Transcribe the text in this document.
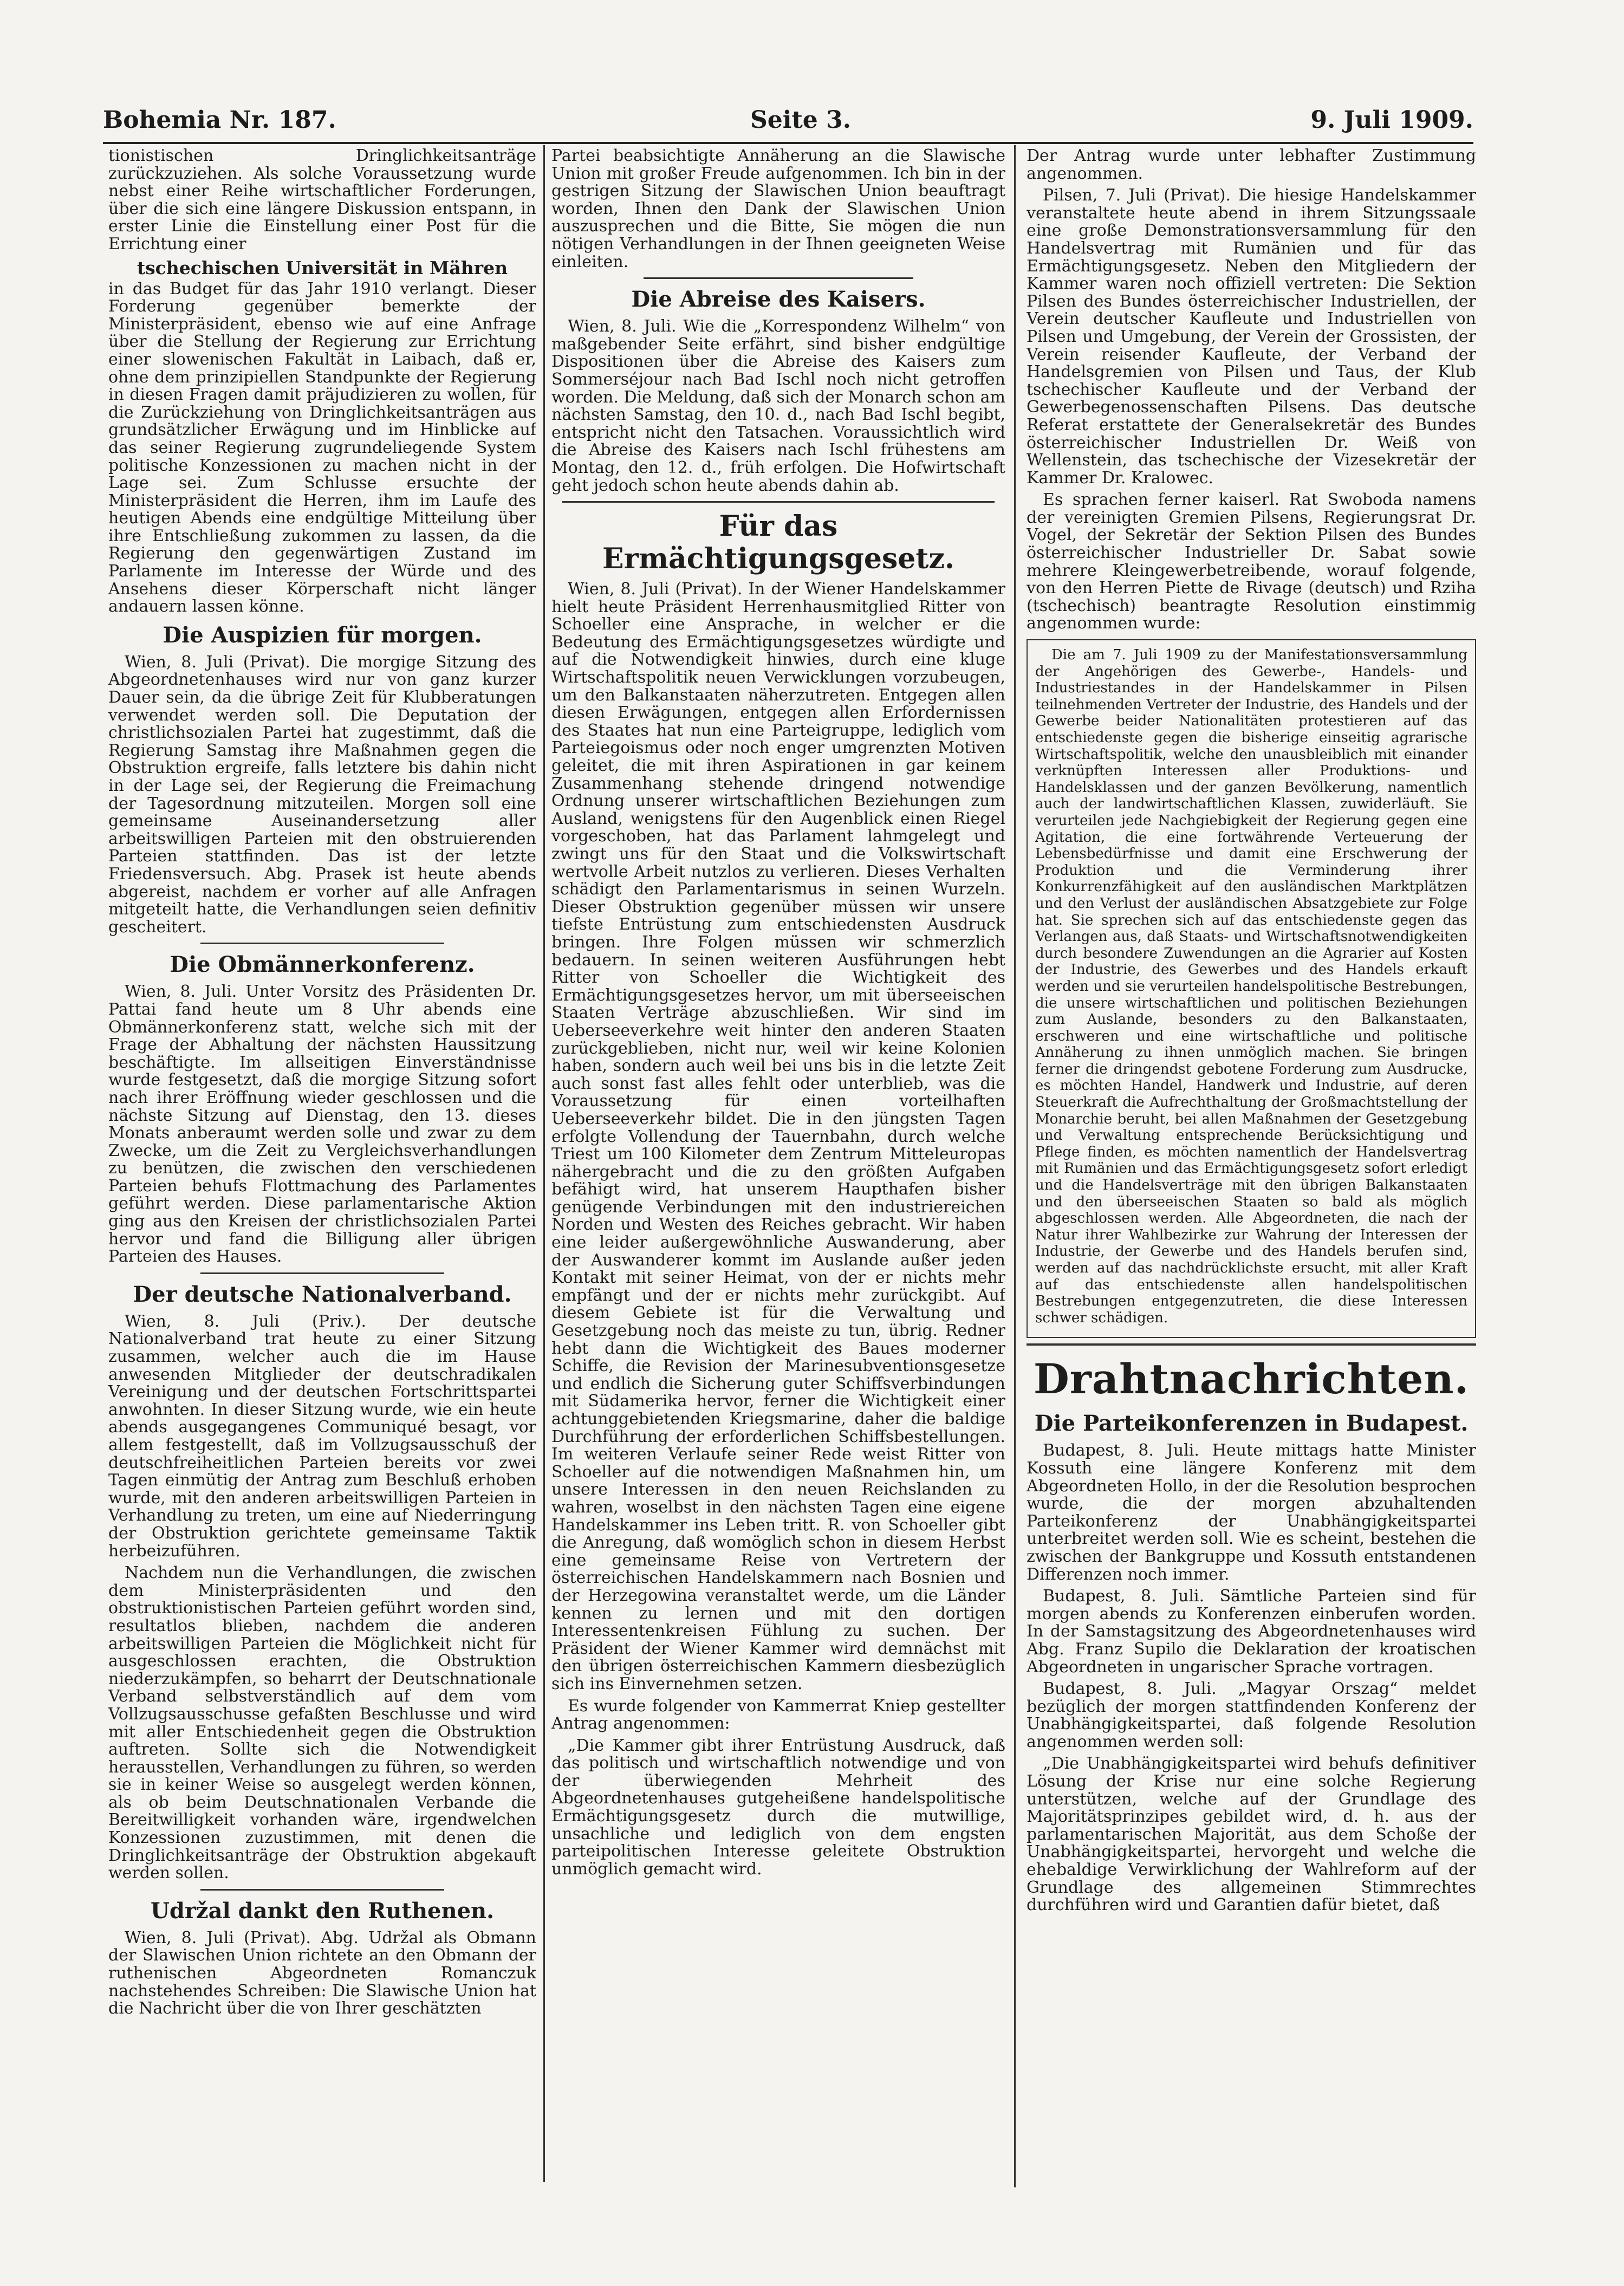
Bohemia Nr. 187.	Seite 3.	9. Juli 1909.

tionistischen Dringlichkeitsanträge zurückzuziehen. Als solche Voraussetzung wurde nebst einer Reihe wirtschaftlicher Forderungen, über die sich eine längere Diskussion entspann, in erster Linie die Einstellung einer Post für die Errichtung einer

tschechischen Universität in Mähren

in das Budget für das Jahr 1910 verlangt. Dieser Forderung gegenüber bemerkte der Ministerpräsident, ebenso wie auf eine Anfrage über die Stellung der Regierung zur Errichtung einer slowenischen Fakultät in Laibach, daß er, ohne dem prinzipiellen Standpunkte der Regierung in diesen Fragen damit präjudizieren zu wollen, für die Zurückziehung von Dringlichkeitsanträgen aus grundsätzlicher Erwägung und im Hinblicke auf das seiner Regierung zugrundeliegende System politische Konzessionen zu machen nicht in der Lage sei. Zum Schlusse ersuchte der Ministerpräsident die Herren, ihm im Laufe des heutigen Abends eine endgültige Mitteilung über ihre Entschließung zukommen zu lassen, da die Regierung den gegenwärtigen Zustand im Parlamente im Interesse der Würde und des Ansehens dieser Körperschaft nicht länger andauern lassen könne.

Die Auspizien für morgen.

Wien, 8. Juli (Privat). Die morgige Sitzung des Abgeordnetenhauses wird nur von ganz kurzer Dauer sein, da die übrige Zeit für Klubberatungen verwendet werden soll. Die Deputation der christlichsozialen Partei hat zugestimmt, daß die Regierung Samstag ihre Maßnahmen gegen die Obstruktion ergreife, falls letztere bis dahin nicht in der Lage sei, der Regierung die Freimachung der Tagesordnung mitzuteilen. Morgen soll eine gemeinsame Auseinandersetzung aller arbeitswilligen Parteien mit den obstruierenden Parteien stattfinden. Das ist der letzte Friedensversuch. Abg. Prasek ist heute abends abgereist, nachdem er vorher auf alle Anfragen mitgeteilt hatte, die Verhandlungen seien definitiv gescheitert.

Die Obmännerkonferenz.

Wien, 8. Juli. Unter Vorsitz des Präsidenten Dr. Pattai fand heute um 8 Uhr abends eine Obmännerkonferenz statt, welche sich mit der Frage der Abhaltung der nächsten Haussitzung beschäftigte. Im allseitigen Einverständnisse wurde festgesetzt, daß die morgige Sitzung sofort nach ihrer Eröffnung wieder geschlossen und die nächste Sitzung auf Dienstag, den 13. dieses Monats anberaumt werden solle und zwar zu dem Zwecke, um die Zeit zu Vergleichsverhandlungen zu benützen, die zwischen den verschiedenen Parteien behufs Flottmachung des Parlamentes geführt werden. Diese parlamentarische Aktion ging aus den Kreisen der christlichsozialen Partei hervor und fand die Billigung aller übrigen Parteien des Hauses.

Der deutsche Nationalverband.

Wien, 8. Juli (Priv.). Der deutsche Nationalverband trat heute zu einer Sitzung zusammen, welcher auch die im Hause anwesenden Mitglieder der deutschradikalen Vereinigung und der deutschen Fortschrittspartei anwohnten. In dieser Sitzung wurde, wie ein heute abends ausgegangenes Communiqué besagt, vor allem festgestellt, daß im Vollzugsausschuß der deutschfreiheitlichen Parteien bereits vor zwei Tagen einmütig der Antrag zum Beschluß erhoben wurde, mit den anderen arbeitswilligen Parteien in Verhandlung zu treten, um eine auf Niederringung der Obstruktion gerichtete gemeinsame Taktik herbeizuführen.

Nachdem nun die Verhandlungen, die zwischen dem Ministerpräsidenten und den obstruktionistischen Parteien geführt worden sind, resultatlos blieben, nachdem die anderen arbeitswilligen Parteien die Möglichkeit nicht für ausgeschlossen erachten, die Obstruktion niederzukämpfen, so beharrt der Deutschnationale Verband selbstverständlich auf dem vom Vollzugsausschusse gefaßten Beschlusse und wird mit aller Entschiedenheit gegen die Obstruktion auftreten. Sollte sich die Notwendigkeit herausstellen, Verhandlungen zu führen, so werden sie in keiner Weise so ausgelegt werden können, als ob beim Deutschnationalen Verbande die Bereitwilligkeit vorhanden wäre, irgendwelchen Konzessionen zuzustimmen, mit denen die Dringlichkeitsanträge der Obstruktion abgekauft werden sollen.

Udržal dankt den Ruthenen.

Wien, 8. Juli (Privat). Abg. Udržal als Obmann der Slawischen Union richtete an den Obmann der ruthenischen Abgeordneten Romanczuk nachstehendes Schreiben: Die Slawische Union hat die Nachricht über die von Ihrer geschätzten

Partei beabsichtigte Annäherung an die Slawische Union mit großer Freude aufgenommen. Ich bin in der gestrigen Sitzung der Slawischen Union beauftragt worden, Ihnen den Dank der Slawischen Union auszusprechen und die Bitte, Sie mögen die nun nötigen Verhandlungen in der Ihnen geeigneten Weise einleiten.

Die Abreise des Kaisers.

Wien, 8. Juli. Wie die „Korrespondenz Wilhelm“ von maßgebender Seite erfährt, sind bisher endgültige Dispositionen über die Abreise des Kaisers zum Sommerséjour nach Bad Ischl noch nicht getroffen worden. Die Meldung, daß sich der Monarch schon am nächsten Samstag, den 10. d., nach Bad Ischl begibt, entspricht nicht den Tatsachen. Voraussichtlich wird die Abreise des Kaisers nach Ischl frühestens am Montag, den 12. d., früh erfolgen. Die Hofwirtschaft geht jedoch schon heute abends dahin ab.

Für das Ermächtigungsgesetz.

Wien, 8. Juli (Privat). In der Wiener Handelskammer hielt heute Präsident Herrenhausmitglied Ritter von Schoeller eine Ansprache, in welcher er die Bedeutung des Ermächtigungsgesetzes würdigte und auf die Notwendigkeit hinwies, durch eine kluge Wirtschaftspolitik neuen Verwicklungen vorzubeugen, um den Balkanstaaten näherzutreten. Entgegen allen diesen Erwägungen, entgegen allen Erfordernissen des Staates hat nun eine Parteigruppe, lediglich vom Parteiegoismus oder noch enger umgrenzten Motiven geleitet, die mit ihren Aspirationen in gar keinem Zusammenhang stehende dringend notwendige Ordnung unserer wirtschaftlichen Beziehungen zum Ausland, wenigstens für den Augenblick einen Riegel vorgeschoben, hat das Parlament lahmgelegt und zwingt uns für den Staat und die Volkswirtschaft wertvolle Arbeit nutzlos zu verlieren. Dieses Verhalten schädigt den Parlamentarismus in seinen Wurzeln. Dieser Obstruktion gegenüber müssen wir unsere tiefste Entrüstung zum entschiedensten Ausdruck bringen. Ihre Folgen müssen wir schmerzlich bedauern. In seinen weiteren Ausführungen hebt Ritter von Schoeller die Wichtigkeit des Ermächtigungsgesetzes hervor, um mit überseeischen Staaten Verträge abzuschließen. Wir sind im Ueberseeverkehre weit hinter den anderen Staaten zurückgeblieben, nicht nur, weil wir keine Kolonien haben, sondern auch weil bei uns bis in die letzte Zeit auch sonst fast alles fehlt oder unterblieb, was die Voraussetzung für einen vorteilhaften Ueberseeverkehr bildet. Die in den jüngsten Tagen erfolgte Vollendung der Tauernbahn, durch welche Triest um 100 Kilometer dem Zentrum Mitteleuropas nähergebracht und die zu den größten Aufgaben befähigt wird, hat unserem Haupthafen bisher genügende Verbindungen mit den industriereichen Norden und Westen des Reiches gebracht. Wir haben eine leider außergewöhnliche Auswanderung, aber der Auswanderer kommt im Auslande außer jeden Kontakt mit seiner Heimat, von der er nichts mehr empfängt und der er nichts mehr zurückgibt. Auf diesem Gebiete ist für die Verwaltung und Gesetzgebung noch das meiste zu tun, übrig. Redner hebt dann die Wichtigkeit des Baues moderner Schiffe, die Revision der Marinesubventionsgesetze und endlich die Sicherung guter Schiffsverbindungen mit Südamerika hervor, ferner die Wichtigkeit einer achtunggebietenden Kriegsmarine, daher die baldige Durchführung der erforderlichen Schiffsbestellungen. Im weiteren Verlaufe seiner Rede weist Ritter von Schoeller auf die notwendigen Maßnahmen hin, um unsere Interessen in den neuen Reichslanden zu wahren, woselbst in den nächsten Tagen eine eigene Handelskammer ins Leben tritt. R. von Schoeller gibt die Anregung, daß womöglich schon in diesem Herbst eine gemeinsame Reise von Vertretern der österreichischen Handelskammern nach Bosnien und der Herzegowina veranstaltet werde, um die Länder kennen zu lernen und mit den dortigen Interessentenkreisen Fühlung zu suchen. Der Präsident der Wiener Kammer wird demnächst mit den übrigen österreichischen Kammern diesbezüglich sich ins Einvernehmen setzen.

Es wurde folgender von Kammerrat Kniep gestellter Antrag angenommen:

„Die Kammer gibt ihrer Entrüstung Ausdruck, daß das politisch und wirtschaftlich notwendige und von der überwiegenden Mehrheit des Abgeordnetenhauses gutgeheißene handelspolitische Ermächtigungsgesetz durch die mutwillige, unsachliche und lediglich von dem engsten parteipolitischen Interesse geleitete Obstruktion unmöglich gemacht wird.

Der Antrag wurde unter lebhafter Zustimmung angenommen.

Pilsen, 7. Juli (Privat). Die hiesige Handelskammer veranstaltete heute abend in ihrem Sitzungssaale eine große Demonstrationsversammlung für den Handelsvertrag mit Rumänien und für das Ermächtigungsgesetz. Neben den Mitgliedern der Kammer waren noch offiziell vertreten: Die Sektion Pilsen des Bundes österreichischer Industriellen, der Verein deutscher Kaufleute und Industriellen von Pilsen und Umgebung, der Verein der Grossisten, der Verein reisender Kaufleute, der Verband der Handelsgremien von Pilsen und Taus, der Klub tschechischer Kaufleute und der Verband der Gewerbegenossenschaften Pilsens. Das deutsche Referat erstattete der Generalsekretär des Bundes österreichischer Industriellen Dr. Weiß von Wellenstein, das tschechische der Vizesekretär der Kammer Dr. Kralowec.

Es sprachen ferner kaiserl. Rat Swoboda namens der vereinigten Gremien Pilsens, Regierungsrat Dr. Vogel, der Sekretär der Sektion Pilsen des Bundes österreichischer Industrieller Dr. Sabat sowie mehrere Kleingewerbetreibende, worauf folgende, von den Herren Piette de Rivage (deutsch) und Rziha (tschechisch) beantragte Resolution einstimmig angenommen wurde:

Die am 7. Juli 1909 zu der Manifestationsversammlung der Angehörigen des Gewerbe-, Handels- und Industriestandes in der Handelskammer in Pilsen teilnehmenden Vertreter der Industrie, des Handels und der Gewerbe beider Nationalitäten protestieren auf das entschiedenste gegen die bisherige einseitig agrarische Wirtschaftspolitik, welche den unausbleiblich mit einander verknüpften Interessen aller Produktions- und Handelsklassen und der ganzen Bevölkerung, namentlich auch der landwirtschaftlichen Klassen, zuwiderläuft. Sie verurteilen jede Nachgiebigkeit der Regierung gegen eine Agitation, die eine fortwährende Verteuerung der Lebensbedürfnisse und damit eine Erschwerung der Produktion und die Verminderung ihrer Konkurrenzfähigkeit auf den ausländischen Marktplätzen und den Verlust der ausländischen Absatzgebiete zur Folge hat. Sie sprechen sich auf das entschiedenste gegen das Verlangen aus, daß Staats- und Wirtschaftsnotwendigkeiten durch besondere Zuwendungen an die Agrarier auf Kosten der Industrie, des Gewerbes und des Handels erkauft werden und sie verurteilen handelspolitische Bestrebungen, die unsere wirtschaftlichen und politischen Beziehungen zum Auslande, besonders zu den Balkanstaaten, erschweren und eine wirtschaftliche und politische Annäherung zu ihnen unmöglich machen. Sie bringen ferner die dringendst gebotene Forderung zum Ausdrucke, es möchten Handel, Handwerk und Industrie, auf deren Steuerkraft die Aufrechthaltung der Großmachtstellung der Monarchie beruht, bei allen Maßnahmen der Gesetzgebung und Verwaltung entsprechende Berücksichtigung und Pflege finden, es möchten namentlich der Handelsvertrag mit Rumänien und das Ermächtigungsgesetz sofort erledigt und die Handelsverträge mit den übrigen Balkanstaaten und den überseeischen Staaten so bald als möglich abgeschlossen werden. Alle Abgeordneten, die nach der Natur ihrer Wahlbezirke zur Wahrung der Interessen der Industrie, der Gewerbe und des Handels berufen sind, werden auf das nachdrücklichste ersucht, mit aller Kraft auf das entschiedenste allen handelspolitischen Bestrebungen entgegenzutreten, die diese Interessen schwer schädigen.

Drahtnachrichten.
Die Parteikonferenzen in Budapest.

Budapest, 8. Juli. Heute mittags hatte Minister Kossuth eine längere Konferenz mit dem Abgeordneten Hollo, in der die Resolution besprochen wurde, die der morgen abzuhaltenden Parteikonferenz der Unabhängigkeitspartei unterbreitet werden soll. Wie es scheint, bestehen die zwischen der Bankgruppe und Kossuth entstandenen Differenzen noch immer.

Budapest, 8. Juli. Sämtliche Parteien sind für morgen abends zu Konferenzen einberufen worden. In der Samstagsitzung des Abgeordnetenhauses wird Abg. Franz Supilo die Deklaration der kroatischen Abgeordneten in ungarischer Sprache vortragen.

Budapest, 8. Juli. „Magyar Orszag“ meldet bezüglich der morgen stattfindenden Konferenz der Unabhängigkeitspartei, daß folgende Resolution angenommen werden soll:

„Die Unabhängigkeitspartei wird behufs definitiver Lösung der Krise nur eine solche Regierung unterstützen, welche auf der Grundlage des Majoritätsprinzipes gebildet wird, d. h. aus der parlamentarischen Majorität, aus dem Schoße der Unabhängigkeitspartei, hervorgeht und welche die ehebaldige Verwirklichung der Wahlreform auf der Grundlage des allgemeinen Stimmrechtes durchführen wird und Garantien dafür bietet, daß
